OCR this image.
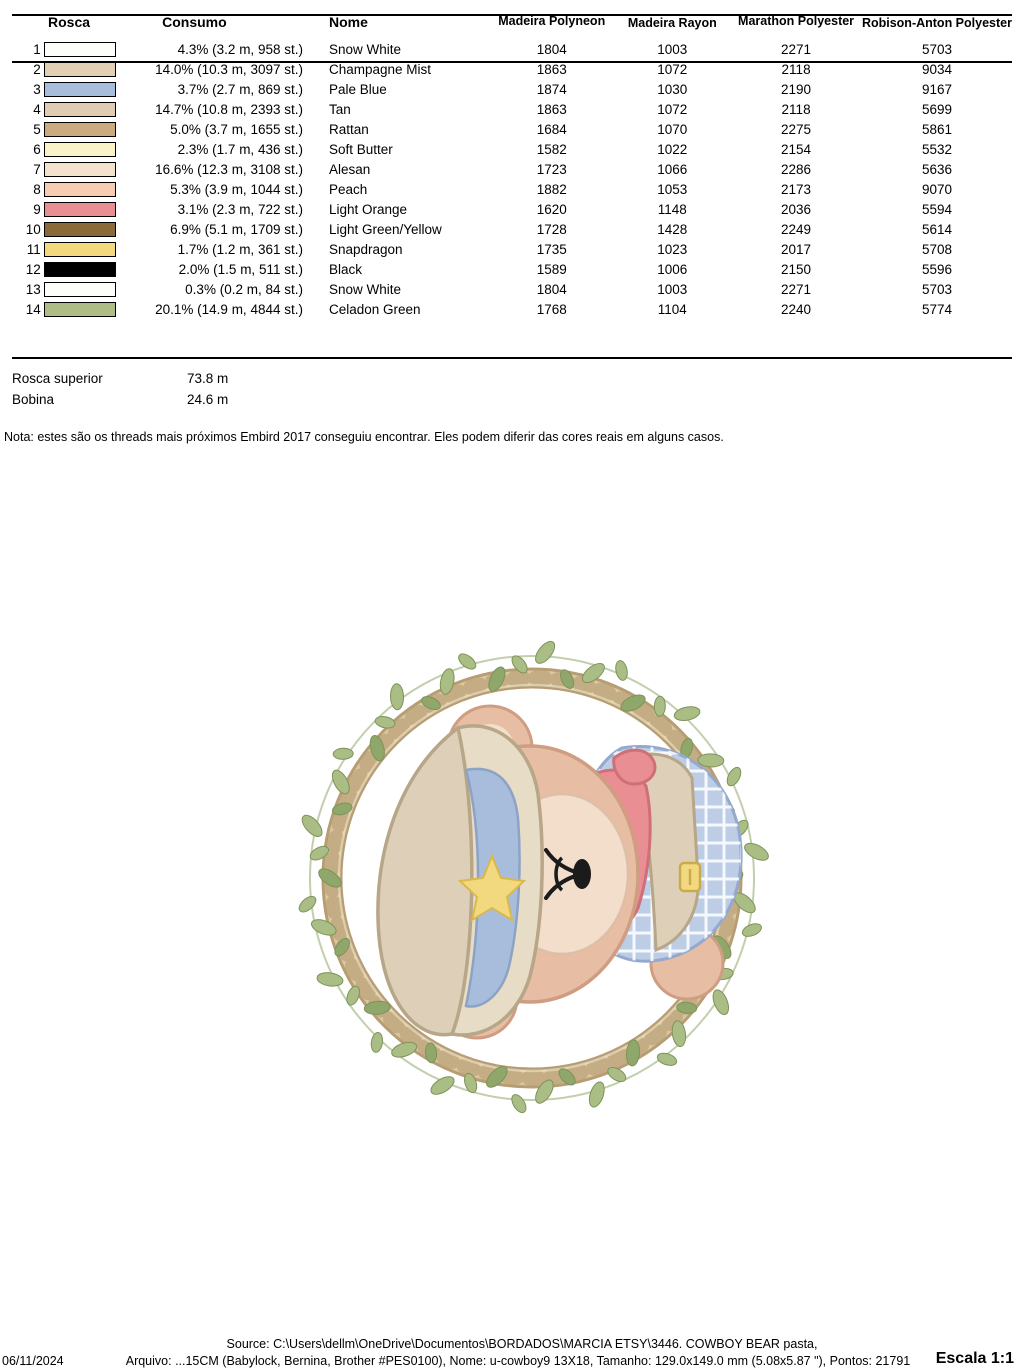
Rosca		Consumo	Nome	Madeira Polyneon	Madeira Rayon	Marathon Polyester	Robison-Anton Polyester
1		4.3% (3.2 m, 958 st.)	Snow White	1804	1003	2271	5703
2		14.0% (10.3 m, 3097 st.)	Champagne Mist	1863	1072	2118	9034
3		3.7% (2.7 m, 869 st.)	Pale Blue	1874	1030	2190	9167
4		14.7% (10.8 m, 2393 st.)	Tan	1863	1072	2118	5699
5		5.0% (3.7 m, 1655 st.)	Rattan	1684	1070	2275	5861
6		2.3% (1.7 m, 436 st.)	Soft Butter	1582	1022	2154	5532
7		16.6% (12.3 m, 3108 st.)	Alesan	1723	1066	2286	5636
8		5.3% (3.9 m, 1044 st.)	Peach	1882	1053	2173	9070
9		3.1% (2.3 m, 722 st.)	Light Orange	1620	1148	2036	5594
10		6.9% (5.1 m, 1709 st.)	Light Green/Yellow	1728	1428	2249	5614
11		1.7% (1.2 m, 361 st.)	Snapdragon	1735	1023	2017	5708
12		2.0% (1.5 m, 511 st.)	Black	1589	1006	2150	5596
13		0.3% (0.2 m, 84 st.)	Snow White	1804	1003	2271	5703
14		20.1% (14.9 m, 4844 st.)	Celadon Green	1768	1104	2240	5774
Rosca superior	73.8 m
Bobina	24.6 m
Nota: estes são os threads mais próximos Embird 2017 conseguiu encontrar. Eles podem diferir das cores reais em alguns casos.
Source: C:\Users\dellm\OneDrive\Documentos\BORDADOS\MARCIA ETSY\3446. COWBOY BEAR pasta,
06/11/2024	Arquivo: ...15CM (Babylock, Bernina, Brother #PES0100), Nome: u-cowboy9 13X18, Tamanho: 129.0x149.0 mm (5.08x5.87 "), Pontos: 21791	Escala 1:1
